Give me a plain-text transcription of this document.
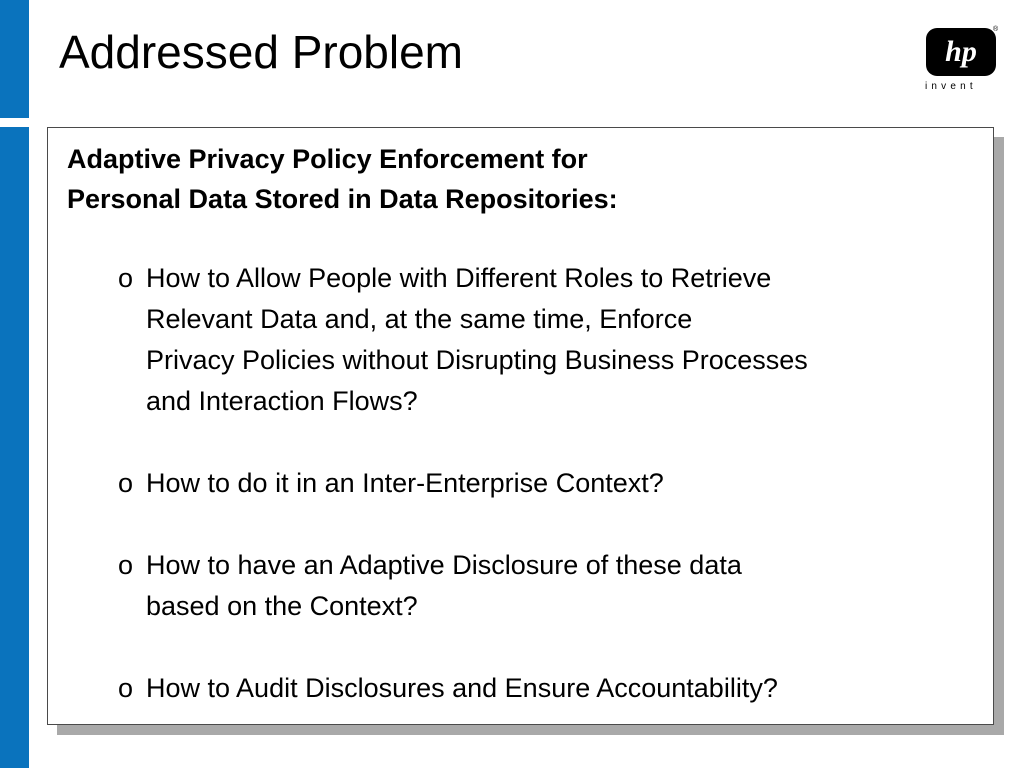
Addressed Problem	hp
invent
®

Adaptive Privacy Policy Enforcement for
Personal Data Stored in Data Repositories:

o How to Allow People with Different Roles to Retrieve
Relevant Data and, at the same time, Enforce
Privacy Policies without Disrupting Business Processes
and Interaction Flows?

o How to do it in an Inter-Enterprise Context?

o How to have an Adaptive Disclosure of these data
based on the Context?

o How to Audit Disclosures and Ensure Accountability?
